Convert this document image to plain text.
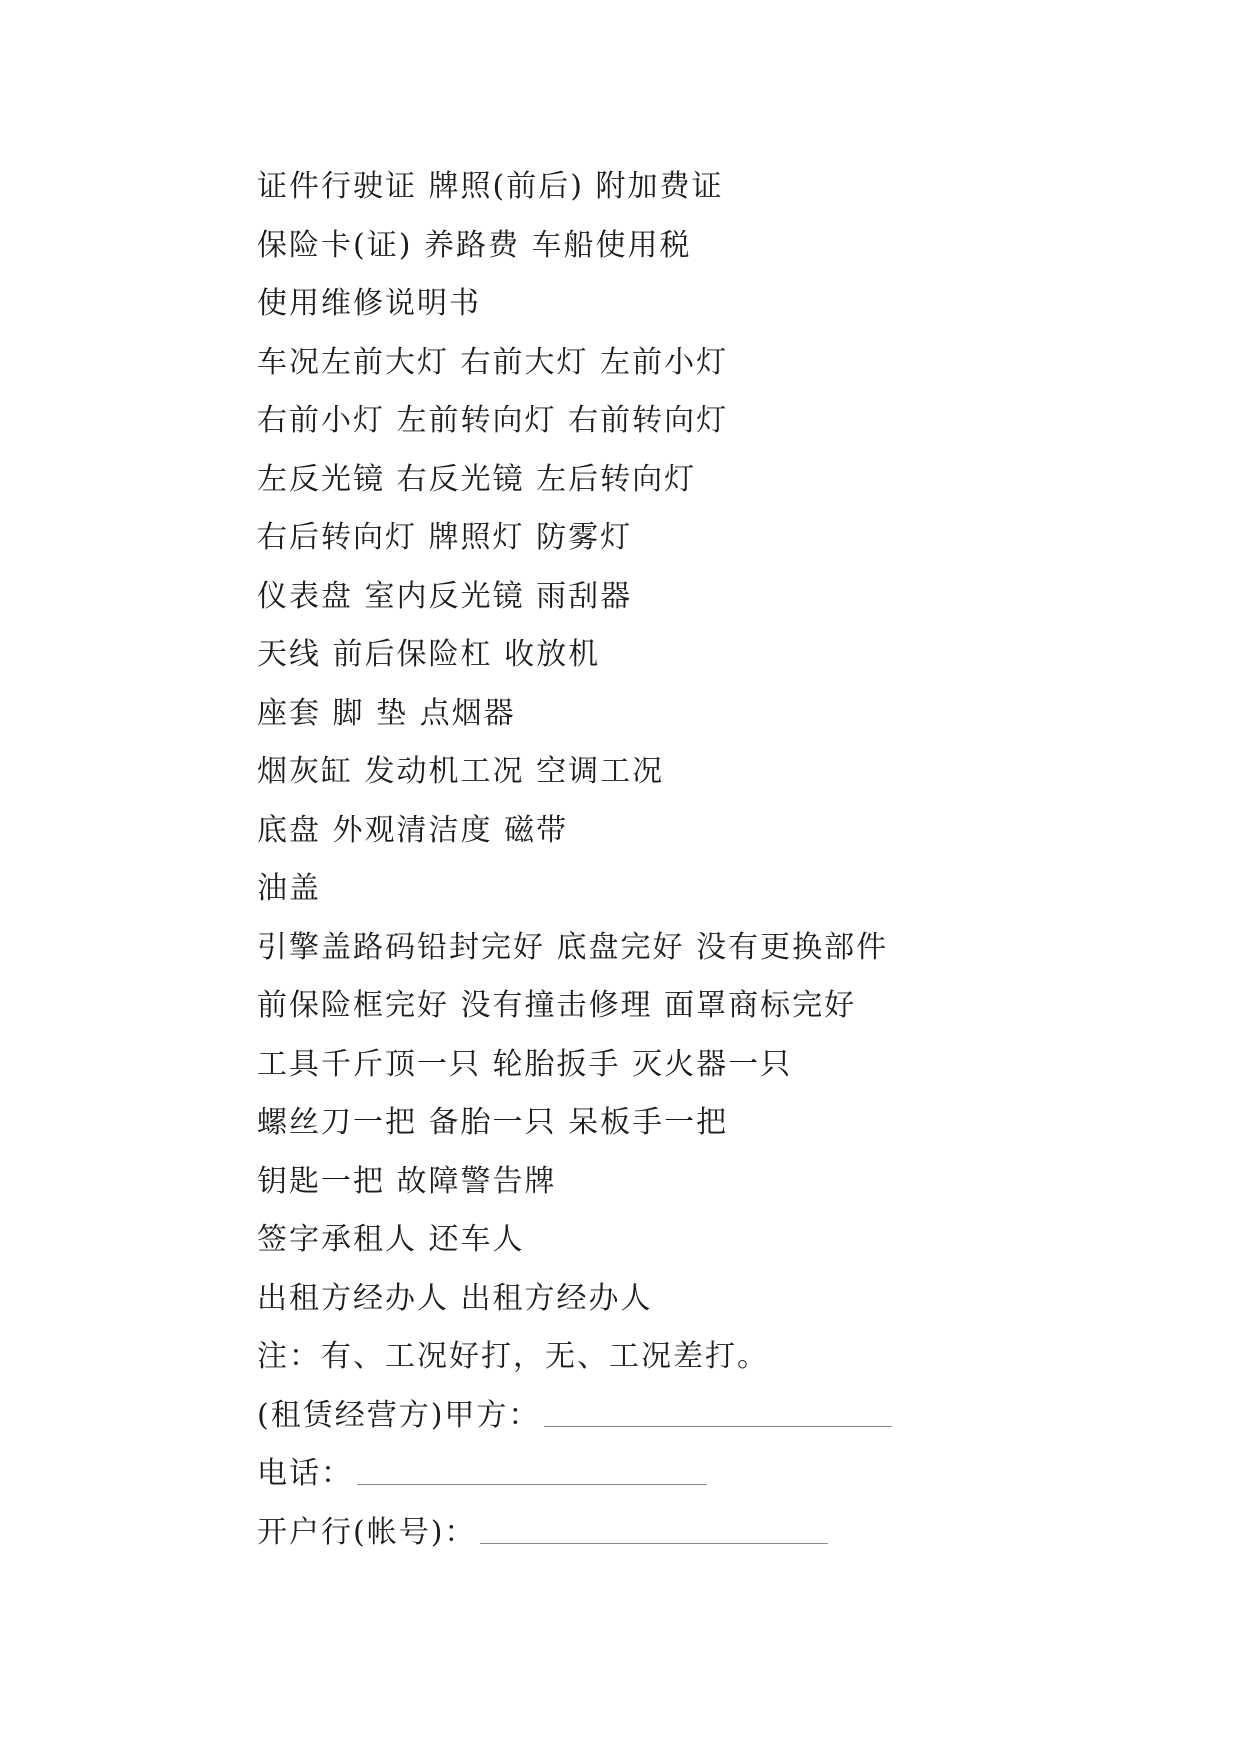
证件行驶证 牌照(前后) 附加费证
保险卡(证) 养路费 车船使用税
使用维修说明书
车况左前大灯 右前大灯 左前小灯
右前小灯 左前转向灯 右前转向灯
左反光镜 右反光镜 左后转向灯
右后转向灯 牌照灯 防雾灯
仪表盘 室内反光镜 雨刮器
天线 前后保险杠 收放机
座套 脚 垫 点烟器
烟灰缸 发动机工况 空调工况
底盘 外观清洁度 磁带
油盖
引擎盖路码铅封完好 底盘完好 没有更换部件
前保险框完好 没有撞击修理 面罩商标完好
工具千斤顶一只 轮胎扳手 灭火器一只
螺丝刀一把 备胎一只 呆板手一把
钥匙一把 故障警告牌
签字承租人 还车人
出租方经办人 出租方经办人
注：有、工况好打，无、工况差打。
(租赁经营方)甲方：
电话：
开户行(帐号)：
